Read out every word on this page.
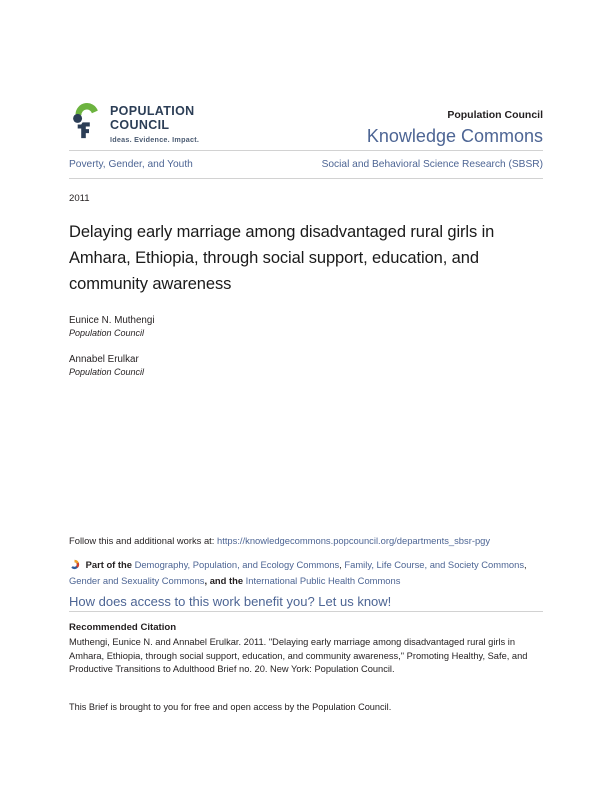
POPULATION
COUNCIL
Ideas. Evidence. Impact.
Population Council
Knowledge Commons
Poverty, Gender, and Youth	Social and Behavioral Science Research (SBSR)
2011
Delaying early marriage among disadvantaged rural girls in Amhara, Ethiopia, through social support, education, and community awareness
Eunice N. Muthengi
Population Council
Annabel Erulkar
Population Council
Follow this and additional works at: https://knowledgecommons.popcouncil.org/departments_sbsr-pgy
Part of the Demography, Population, and Ecology Commons, Family, Life Course, and Society Commons, Gender and Sexuality Commons, and the International Public Health Commons
How does access to this work benefit you? Let us know!
Recommended Citation
Muthengi, Eunice N. and Annabel Erulkar. 2011. "Delaying early marriage among disadvantaged rural girls in Amhara, Ethiopia, through social support, education, and community awareness," Promoting Healthy, Safe, and Productive Transitions to Adulthood Brief no. 20. New York: Population Council.
This Brief is brought to you for free and open access by the Population Council.
